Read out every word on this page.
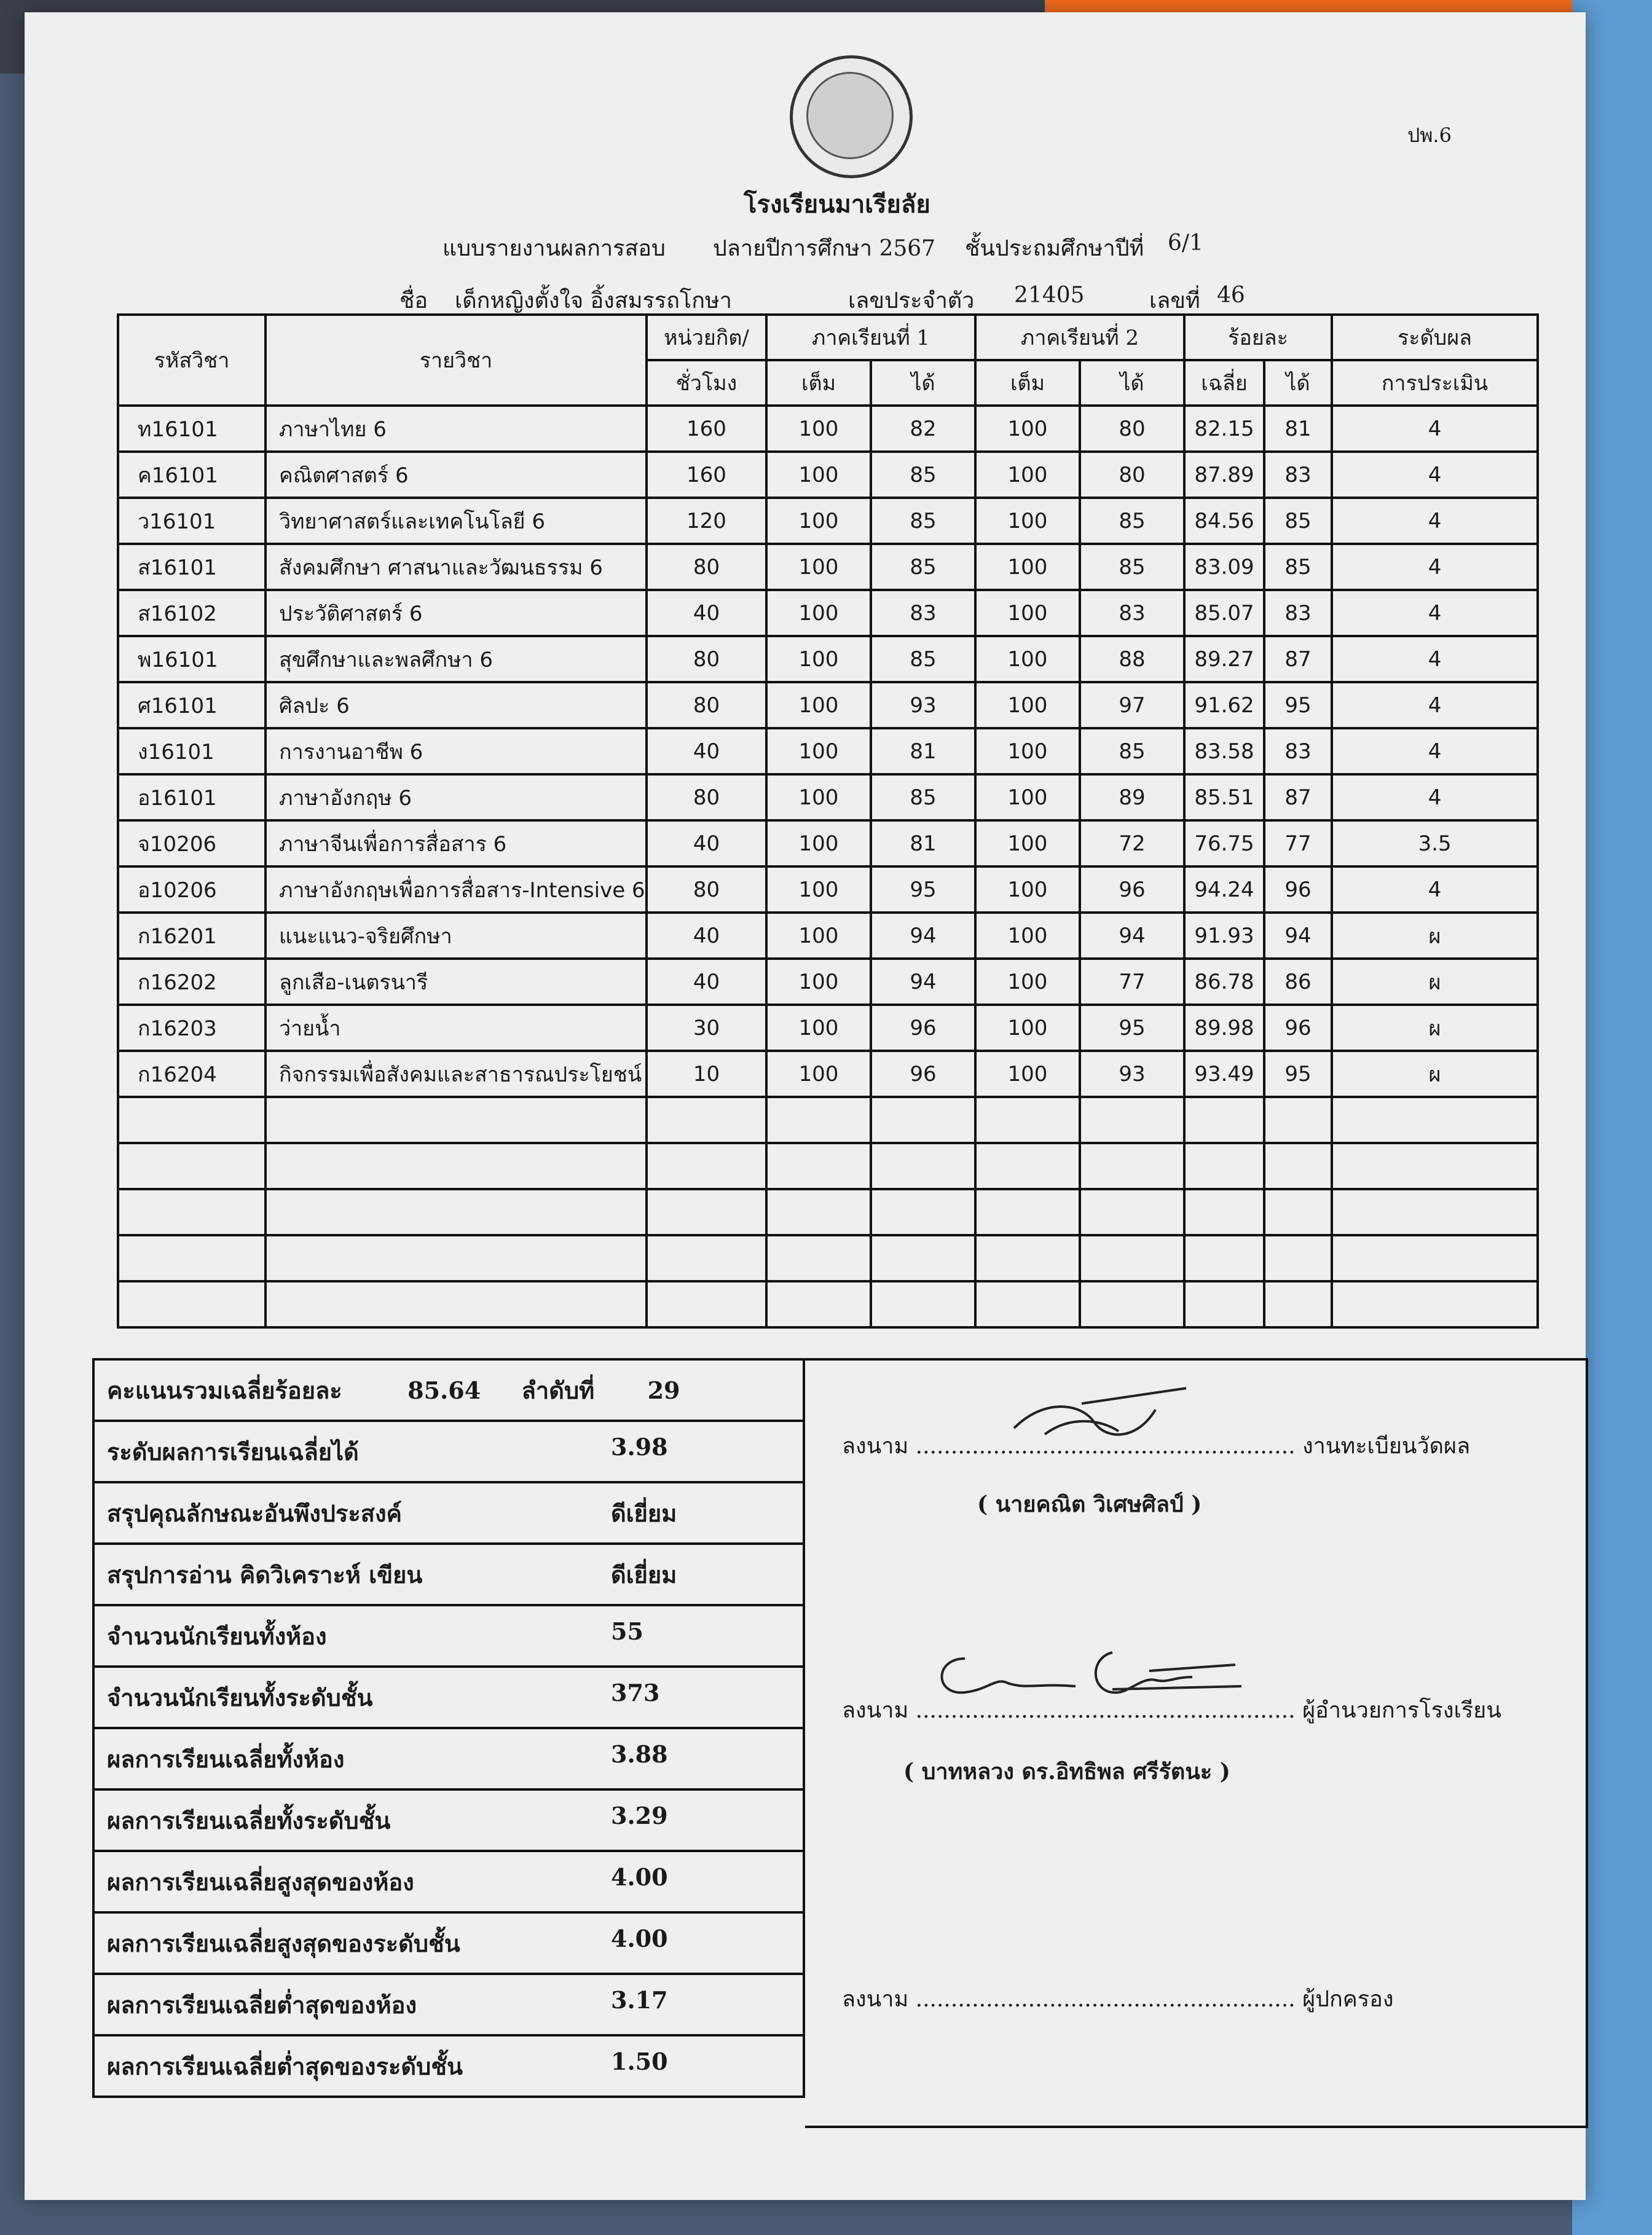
ปพ.6
โรงเรียนมาเรียลัย
แบบรายงานผลการสอบ ปลายปีการศึกษา 2567 ชั้นประถมศึกษาปีที่ 6/1
ชื่อ เด็กหญิงตั้งใจ อิ้งสมรรถโกษา	เลขประจำตัว 21405	เลขที่ 46
รหัสวิชา	รายวิชา	หน่วยกิต/	ภาคเรียนที่ 1		ภาคเรียนที่ 2		ร้อยละ		ระดับผล
		ชั่วโมง	เต็ม	ได้	เต็ม	ได้	เฉลี่ย	ได้	การประเมิน
ท16101	ภาษาไทย 6	160	100	82	100	80	82.15	81	4
ค16101	คณิตศาสตร์ 6	160	100	85	100	80	87.89	83	4
ว16101	วิทยาศาสตร์และเทคโนโลยี 6	120	100	85	100	85	84.56	85	4
ส16101	สังคมศึกษา ศาสนาและวัฒนธรรม 6	80	100	85	100	85	83.09	85	4
ส16102	ประวัติศาสตร์ 6	40	100	83	100	83	85.07	83	4
พ16101	สุขศึกษาและพลศึกษา 6	80	100	85	100	88	89.27	87	4
ศ16101	ศิลปะ 6	80	100	93	100	97	91.62	95	4
ง16101	การงานอาชีพ 6	40	100	81	100	85	83.58	83	4
อ16101	ภาษาอังกฤษ 6	80	100	85	100	89	85.51	87	4
จ10206	ภาษาจีนเพื่อการสื่อสาร 6	40	100	81	100	72	76.75	77	3.5
อ10206	ภาษาอังกฤษเพื่อการสื่อสาร-Intensive 6	80	100	95	100	96	94.24	96	4
ก16201	แนะแนว-จริยศึกษา	40	100	94	100	94	91.93	94	ผ
ก16202	ลูกเสือ-เนตรนารี	40	100	94	100	77	86.78	86	ผ
ก16203	ว่ายน้ำ	30	100	96	100	95	89.98	96	ผ
ก16204	กิจกรรมเพื่อสังคมและสาธารณประโยชน์	10	100	96	100	93	93.49	95	ผ

คะแนนรวมเฉลี่ยร้อยละ	85.64 ลำดับที่ 29
ระดับผลการเรียนเฉลี่ยได้	3.98

สรุปคุณลักษณะอันพึงประสงค์	ดีเยี่ยม

สรุปการอ่าน คิดวิเคราะห์ เขียน	ดีเยี่ยม

จำนวนนักเรียนทั้งห้อง	55

จำนวนนักเรียนทั้งระดับชั้น	373

ผลการเรียนเฉลี่ยทั้งห้อง	3.88

ผลการเรียนเฉลี่ยทั้งระดับชั้น	3.29

ผลการเรียนเฉลี่ยสูงสุดของห้อง	4.00

ผลการเรียนเฉลี่ยสูงสุดของระดับชั้น	4.00

ผลการเรียนเฉลี่ยต่ำสุดของห้อง	3.17

ผลการเรียนเฉลี่ยต่ำสุดของระดับชั้น	1.50
ลงนาม ...................................................... งานทะเบียนวัดผล
( นายคณิต วิเศษศิลป์ )
ลงนาม ...................................................... ผู้อำนวยการโรงเรียน
( บาทหลวง ดร.อิทธิพล ศรีรัตนะ )
ลงนาม ...................................................... ผู้ปกครอง
